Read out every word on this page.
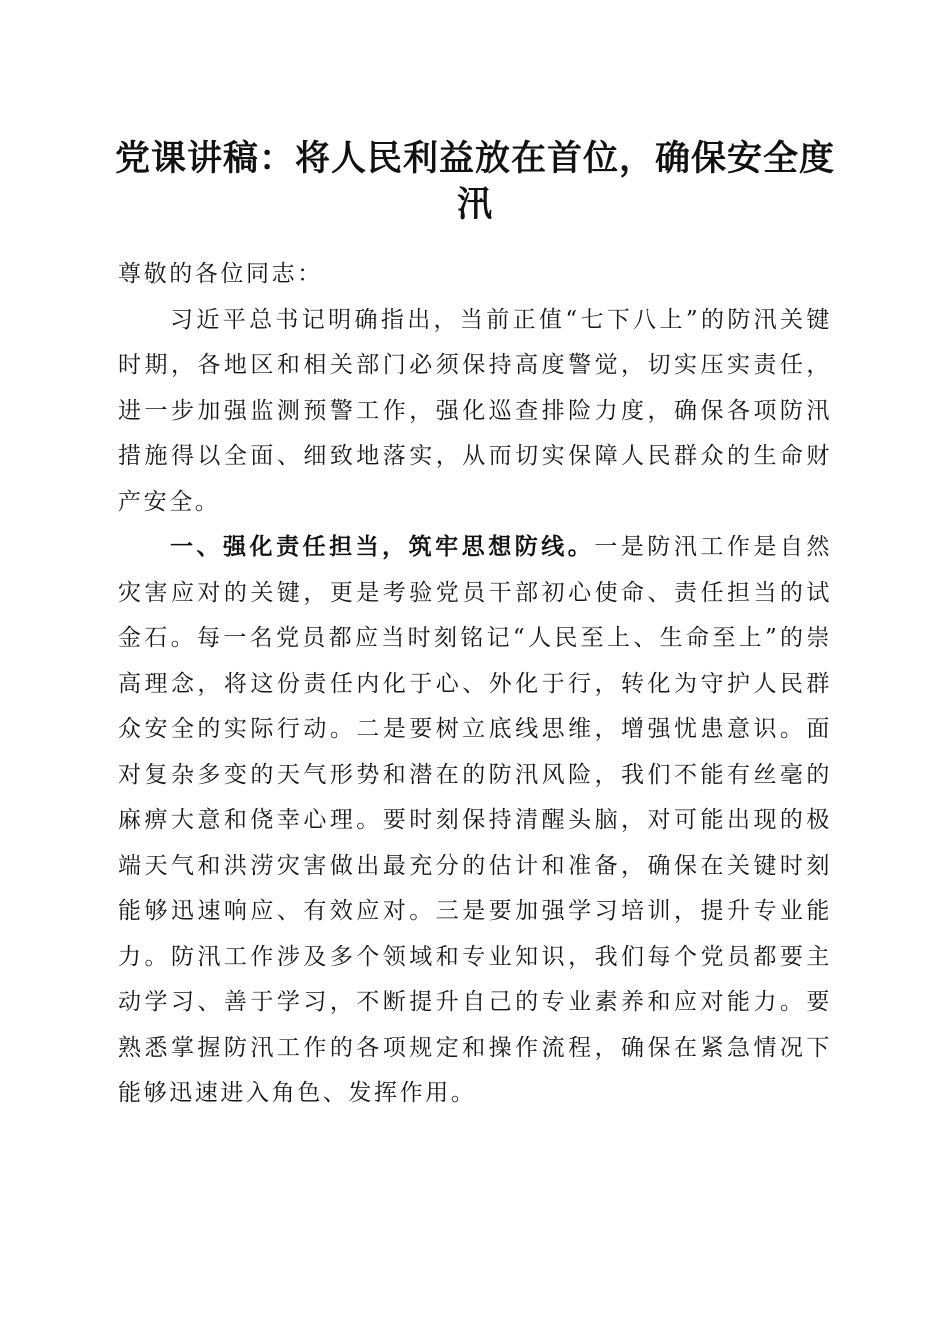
党课讲稿：将人民利益放在首位，确保安全度汛

尊敬的各位同志：

习近平总书记明确指出，当前正值“七下八上”的防汛关键时期，各地区和相关部门必须保持高度警觉，切实压实责任，进一步加强监测预警工作，强化巡查排险力度，确保各项防汛措施得以全面、细致地落实，从而切实保障人民群众的生命财产安全。

一、强化责任担当，筑牢思想防线。一是防汛工作是自然灾害应对的关键，更是考验党员干部初心使命、责任担当的试金石。每一名党员都应当时刻铭记“人民至上、生命至上”的崇高理念，将这份责任内化于心、外化于行，转化为守护人民群众安全的实际行动。二是要树立底线思维，增强忧患意识。面对复杂多变的天气形势和潜在的防汛风险，我们不能有丝毫的麻痹大意和侥幸心理。要时刻保持清醒头脑，对可能出现的极端天气和洪涝灾害做出最充分的估计和准备，确保在关键时刻能够迅速响应、有效应对。三是要加强学习培训，提升专业能力。防汛工作涉及多个领域和专业知识，我们每个党员都要主动学习、善于学习，不断提升自己的专业素养和应对能力。要熟悉掌握防汛工作的各项规定和操作流程，确保在紧急情况下能够迅速进入角色、发挥作用。
